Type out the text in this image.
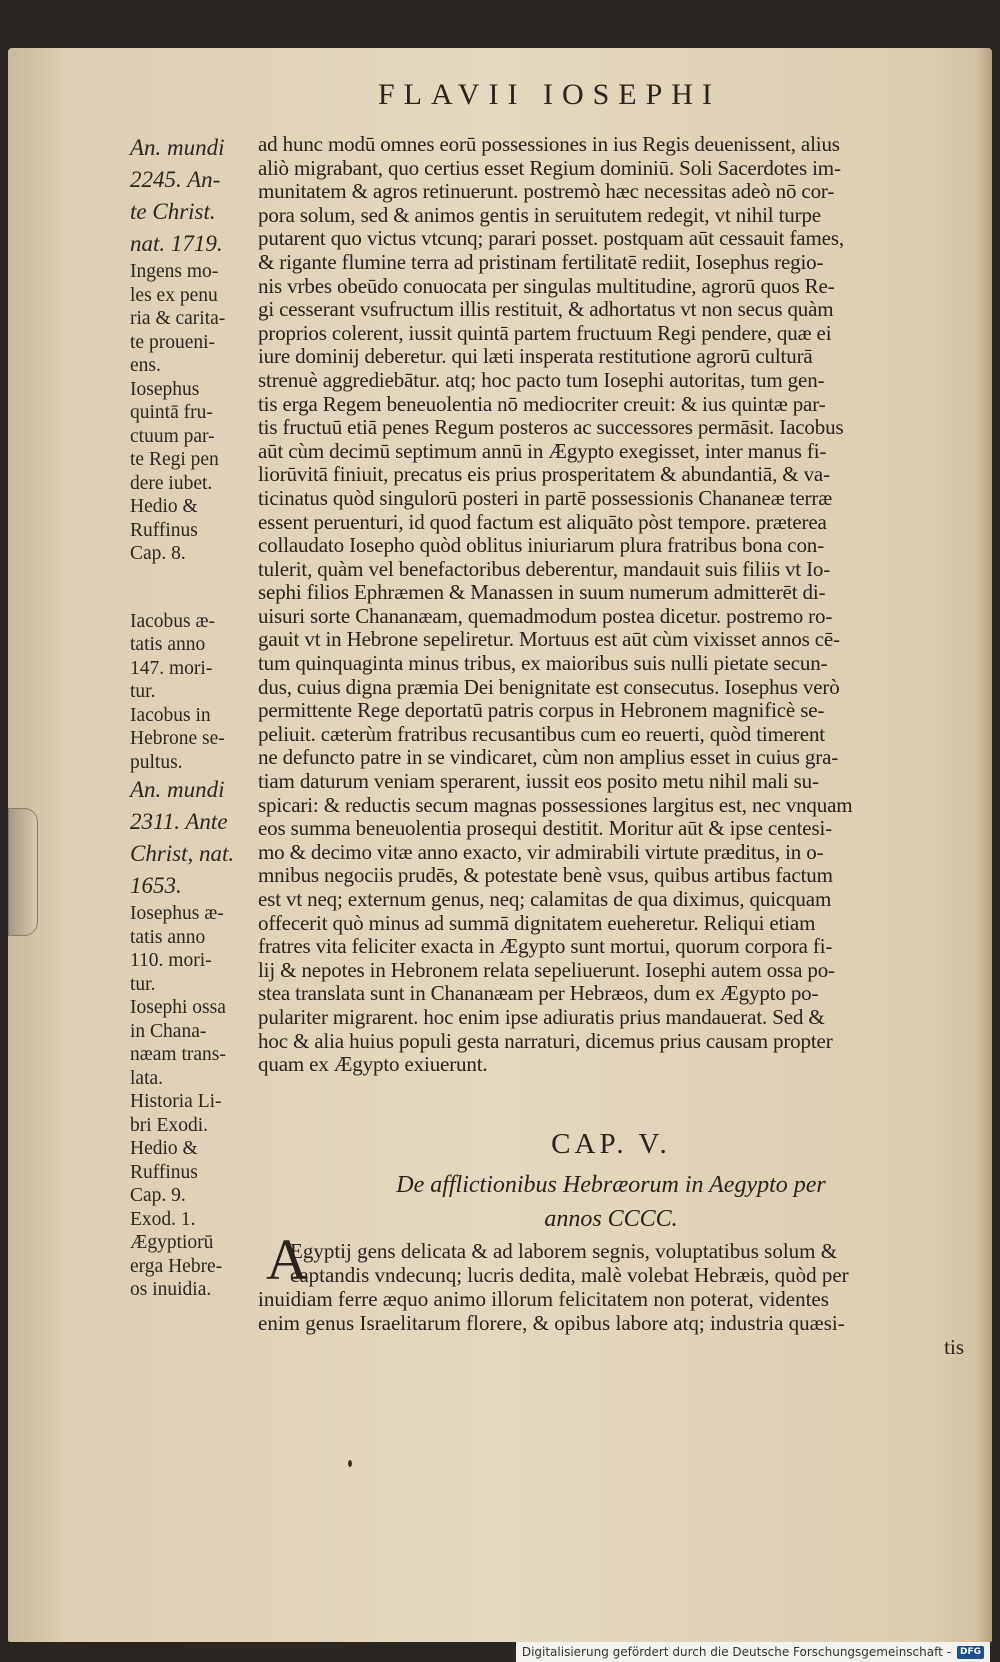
FLAVII IOSEPHI
An. mundi
2245. An-
te Christ.
nat. 1719.
Ingens mo-
les ex penu
ria & carita-
te proueni-
ens.
Iosephus
quintā fru-
ctuum par-
te Regi pen
dere iubet.
Hedio &
Ruffinus
Cap. 8.
Iacobus æ-
tatis anno
147. mori-
tur.
Iacobus in
Hebrone se-
pultus.
An. mundi
2311. Ante
Christ, nat.
1653.
Iosephus æ-
tatis anno
110. mori-
tur.
Iosephi ossa
in Chana-
næam trans-
lata.
Historia Li-
bri Exodi.
Hedio &
Ruffinus
Cap. 9.
Exod. 1.
Ægyptiorū
erga Hebre-
os inuidia.
ad hunc modū omnes eorū possessiones in ius Regis deuenissent, alius
aliò migrabant, quo certius esset Regium dominiū. Soli Sacerdotes im-
munitatem & agros retinuerunt. postremò hæc necessitas adeò nō cor-
pora solum, sed & animos gentis in seruitutem redegit, vt nihil turpe
putarent quo victus vtcunq; parari posset. postquam aūt cessauit fames,
& rigante flumine terra ad pristinam fertilitatē rediit, Iosephus regio-
nis vrbes obeūdo conuocata per singulas multitudine, agrorū quos Re-
gi cesserant vsufructum illis restituit, & adhortatus vt non secus quàm
proprios colerent, iussit quintā partem fructuum Regi pendere, quæ ei
iure dominij deberetur. qui læti insperata restitutione agrorū culturā
strenuè aggrediebātur. atq; hoc pacto tum Iosephi autoritas, tum gen-
tis erga Regem beneuolentia nō mediocriter creuit: & ius quintæ par-
tis fructuū etiā penes Regum posteros ac successores permāsit. Iacobus
aūt cùm decimū septimum annū in Ægypto exegisset, inter manus fi-
liorūvitā finiuit, precatus eis prius prosperitatem & abundantiā, & va-
ticinatus quòd singulorū posteri in partē possessionis Chananeæ terræ
essent peruenturi, id quod factum est aliquāto pòst tempore. præterea
collaudato Iosepho quòd oblitus iniuriarum plura fratribus bona con-
tulerit, quàm vel benefactoribus deberentur, mandauit suis filiis vt Io-
sephi filios Ephræmen & Manassen in suum numerum admitterēt di-
uisuri sorte Chananæam, quemadmodum postea dicetur. postremo ro-
gauit vt in Hebrone sepeliretur. Mortuus est aūt cùm vixisset annos cē-
tum quinquaginta minus tribus, ex maioribus suis nulli pietate secun-
dus, cuius digna præmia Dei benignitate est consecutus. Iosephus verò
permittente Rege deportatū patris corpus in Hebronem magnificè se-
peliuit. cæterùm fratribus recusantibus cum eo reuerti, quòd timerent
ne defuncto patre in se vindicaret, cùm non amplius esset in cuius gra-
tiam daturum veniam sperarent, iussit eos posito metu nihil mali su-
spicari: & reductis secum magnas possessiones largitus est, nec vnquam
eos summa beneuolentia prosequi destitit. Moritur aūt & ipse centesi-
mo & decimo vitæ anno exacto, vir admirabili virtute præditus, in o-
mnibus negociis prudēs, & potestate benè vsus, quibus artibus factum
est vt neq; externum genus, neq; calamitas de qua diximus, quicquam
offecerit quò minus ad summā dignitatem eueheretur. Reliqui etiam
fratres vita feliciter exacta in Ægypto sunt mortui, quorum corpora fi-
lij & nepotes in Hebronem relata sepeliuerunt. Iosephi autem ossa po-
stea translata sunt in Chananæam per Hebræos, dum ex Ægypto po-
pulariter migrarent. hoc enim ipse adiuratis prius mandauerat. Sed &
hoc & alia huius populi gesta narraturi, dicemus prius causam propter
quam ex Ægypto exiuerunt.
CAP. V.
De afflictionibus Hebræorum in Aegypto per
annos CCCC.
A
Egyptij gens delicata & ad laborem segnis, voluptatibus solum &
captandis vndecunq; lucris dedita, malè volebat Hebræis, quòd per
inuidiam ferre æquo animo illorum felicitatem non poterat, videntes
enim genus Israelitarum florere, & opibus labore atq; industria quæsi-
tis
Digitalisierung gefördert durch die Deutsche Forschungsgemeinschaft -	DFG
